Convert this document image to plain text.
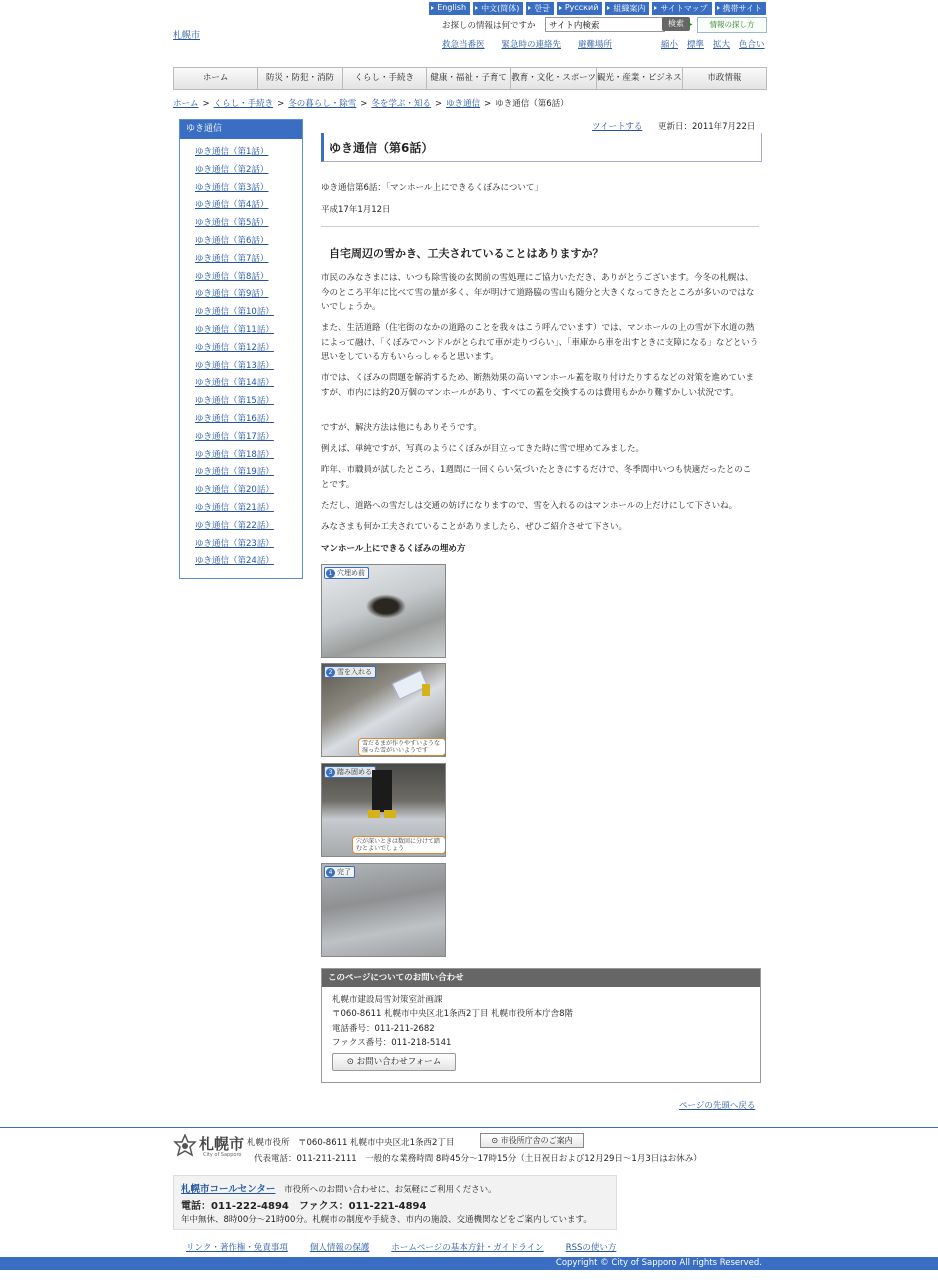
札幌市
English	中文(简体)	한글	Русский	組織案内	サイトマップ	携帯サイト
お探しの情報は何ですか
サイト内検索	検索	▶ 情報の探し方
救急当番医 緊急時の連絡先 避難場所	縮小 標準 拡大 色合い
ホーム	防災・防犯・消防	くらし・手続き	健康・福祉・子育て 教育・文化・スポーツ 観光・産業・ビジネス	市政情報
ホーム > くらし・手続き > 冬の暮らし・除雪 > 冬を学ぶ・知る > ゆき通信 > ゆき通信（第6話）
ゆき通信
ゆき通信（第1話）
ゆき通信（第2話）
ゆき通信（第3話）
ゆき通信（第4話）
ゆき通信（第5話）
ゆき通信（第6話）
ゆき通信（第7話）
ゆき通信（第8話）
ゆき通信（第9話）
ゆき通信（第10話）
ゆき通信（第11話）
ゆき通信（第12話）
ゆき通信（第13話）
ゆき通信（第14話）
ゆき通信（第15話）
ゆき通信（第16話）
ゆき通信（第17話）
ゆき通信（第18話）
ゆき通信（第19話）
ゆき通信（第20話）
ゆき通信（第21話）
ゆき通信（第22話）
ゆき通信（第23話）
ゆき通信（第24話）
ツイートする 更新日：2011年7月22日
ゆき通信（第6話）
ゆき通信第6話：「マンホール上にできるくぼみについて」
平成17年1月12日
自宅周辺の雪かき、工夫されていることはありますか？
市民のみなさまには、いつも除雪後の玄関前の雪処理にご協力いただき、ありがとうございます。今冬の札幌は、今のところ平年に比べて雪の量が多く、年が明けて道路脇の雪山も随分と大きくなってきたところが多いのではないでしょうか。
また、生活道路（住宅街のなかの道路のことを我々はこう呼んでいます）では、マンホールの上の雪が下水道の熱によって融け、「くぼみでハンドルがとられて車が走りづらい」、「車庫から車を出すときに支障になる」などという思いをしている方もいらっしゃると思います。
市では、くぼみの問題を解消するため、断熱効果の高いマンホール蓋を取り付けたりするなどの対策を進めていますが、市内には約20万個のマンホールがあり、すべての蓋を交換するのは費用もかかり難ずかしい状況です。
ですが、解決方法は他にもありそうです。
例えば、単純ですが、写真のようにくぼみが目立ってきた時に雪で埋めてみました。
昨年、市職員が試したところ、1週間に一回くらい気づいたときにするだけで、冬季間中いつも快適だったとのことです。
ただし、道路への雪だしは交通の妨げになりますので、雪を入れるのはマンホールの上だけにして下さいね。
みなさまも何か工夫されていることがありましたら、ぜひご紹介させて下さい。
マンホール上にできるくぼみの埋め方
1 穴埋め前
2 雪を入れる
雪だるまが作りやすいような湿った雪がいいようです
3 踏み固める
穴が深いときは数回に分けて踏むとよいでしょう
4 完了
このページについてのお問い合わせ
札幌市建設局雪対策室計画課
〒060-8611 札幌市中央区北1条西2丁目 札幌市役所本庁舎8階
電話番号：011-211-2682
ファクス番号：011-218-5141
⊙ お問い合わせフォーム
ページの先頭へ戻る
札幌市
City of Sapporo
札幌市役所　〒060-8611 札幌市中央区北1条西2丁目	⊙ 市役所庁舎のご案内
代表電話：011-211-2111　一般的な業務時間 8時45分～17時15分（土日祝日および12月29日～1月3日はお休み）
札幌市コールセンター 市役所へのお問い合わせに、お気軽にご利用ください。
電話：011-222-4894　ファクス：011-221-4894
年中無休、8時00分～21時00分。札幌市の制度や手続き、市内の施設、交通機関などをご案内しています。
リンク・著作権・免責事項	個人情報の保護	ホームページの基本方針・ガイドライン	RSSの使い方
Copyright © City of Sapporo All rights Reserved.
